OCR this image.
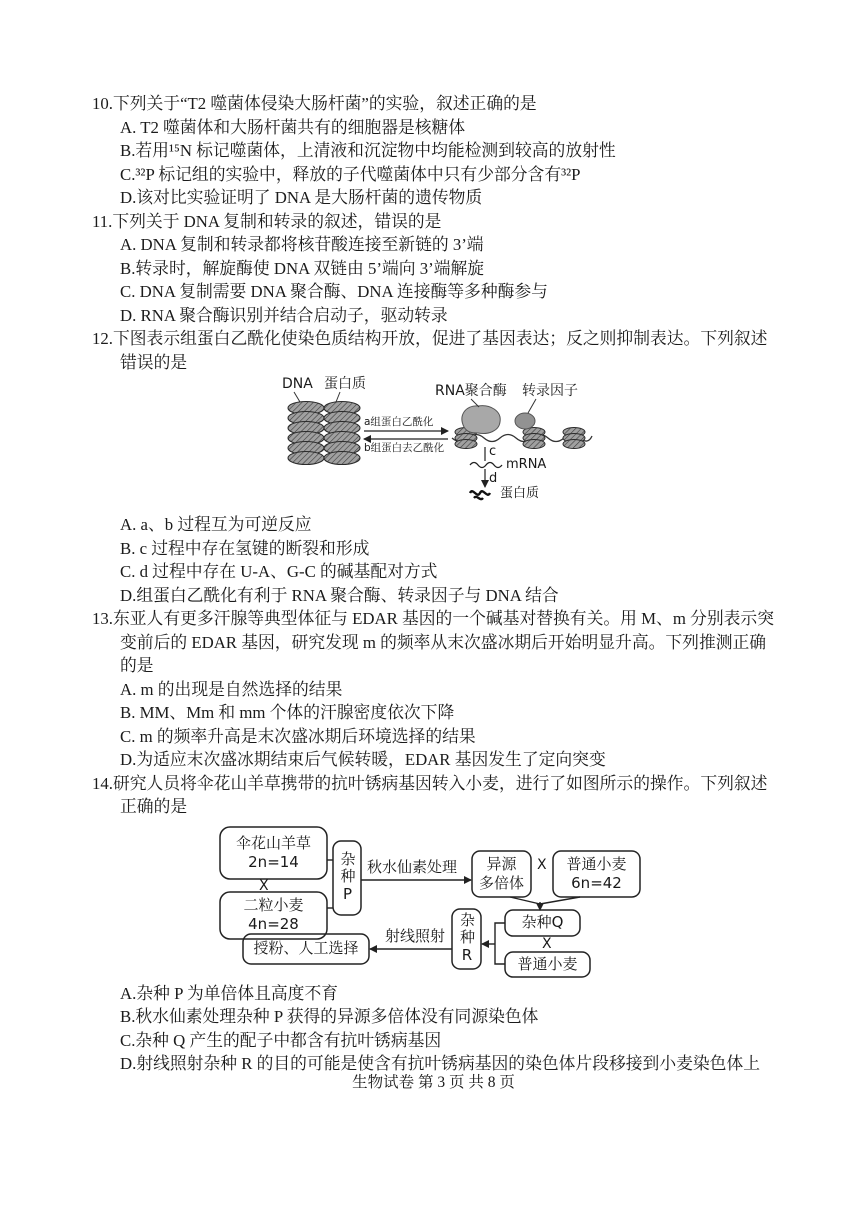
10.下列关于“T2 噬菌体侵染大肠杆菌”的实验，叙述正确的是
A. T2 噬菌体和大肠杆菌共有的细胞器是核糖体
B.若用¹⁵N 标记噬菌体，上清液和沉淀物中均能检测到较高的放射性
C.³²P 标记组的实验中，释放的子代噬菌体中只有少部分含有³²P
D.该对比实验证明了 DNA 是大肠杆菌的遗传物质
11.下列关于 DNA 复制和转录的叙述，错误的是
A. DNA 复制和转录都将核苷酸连接至新链的 3’端
B.转录时，解旋酶使 DNA 双链由 5’端向 3’端解旋
C. DNA 复制需要 DNA 聚合酶、DNA 连接酶等多种酶参与
D. RNA 聚合酶识别并结合启动子，驱动转录
12.下图表示组蛋白乙酰化使染色质结构开放，促进了基因表达；反之则抑制表达。下列叙述
错误的是
DNA 蛋白质	RNA聚合酶 转录因子
a组蛋白乙酰化
b组蛋白去乙酰化	c
mRNA
d
蛋白质
A. a、b 过程互为可逆反应
B. c 过程中存在氢键的断裂和形成
C. d 过程中存在 U-A、G-C 的碱基配对方式
D.组蛋白乙酰化有利于 RNA 聚合酶、转录因子与 DNA 结合
13.东亚人有更多汗腺等典型体征与 EDAR 基因的一个碱基对替换有关。用 M、m 分别表示突
变前后的 EDAR 基因，研究发现 m 的频率从末次盛冰期后开始明显升高。下列推测正确
的是
A. m 的出现是自然选择的结果
B. MM、Mm 和 mm 个体的汗腺密度依次下降
C. m 的频率升高是末次盛冰期后环境选择的结果
D.为适应末次盛冰期结束后气候转暖，EDAR 基因发生了定向突变
14.研究人员将伞花山羊草携带的抗叶锈病基因转入小麦，进行了如图所示的操作。下列叙述
正确的是
伞花山羊草
2n=14
X
二粒小麦
4n=28
杂种P 秋水仙素处理 异源
多倍体
X 普通小麦
6n=42
杂种Q
X
普通小麦
杂种R
射线照射
授粉、人工选择
A.杂种 P 为单倍体且高度不育
B.秋水仙素处理杂种 P 获得的异源多倍体没有同源染色体
C.杂种 Q 产生的配子中都含有抗叶锈病基因
D.射线照射杂种 R 的目的可能是使含有抗叶锈病基因的染色体片段移接到小麦染色体上
生物试卷 第 3 页 共 8 页
